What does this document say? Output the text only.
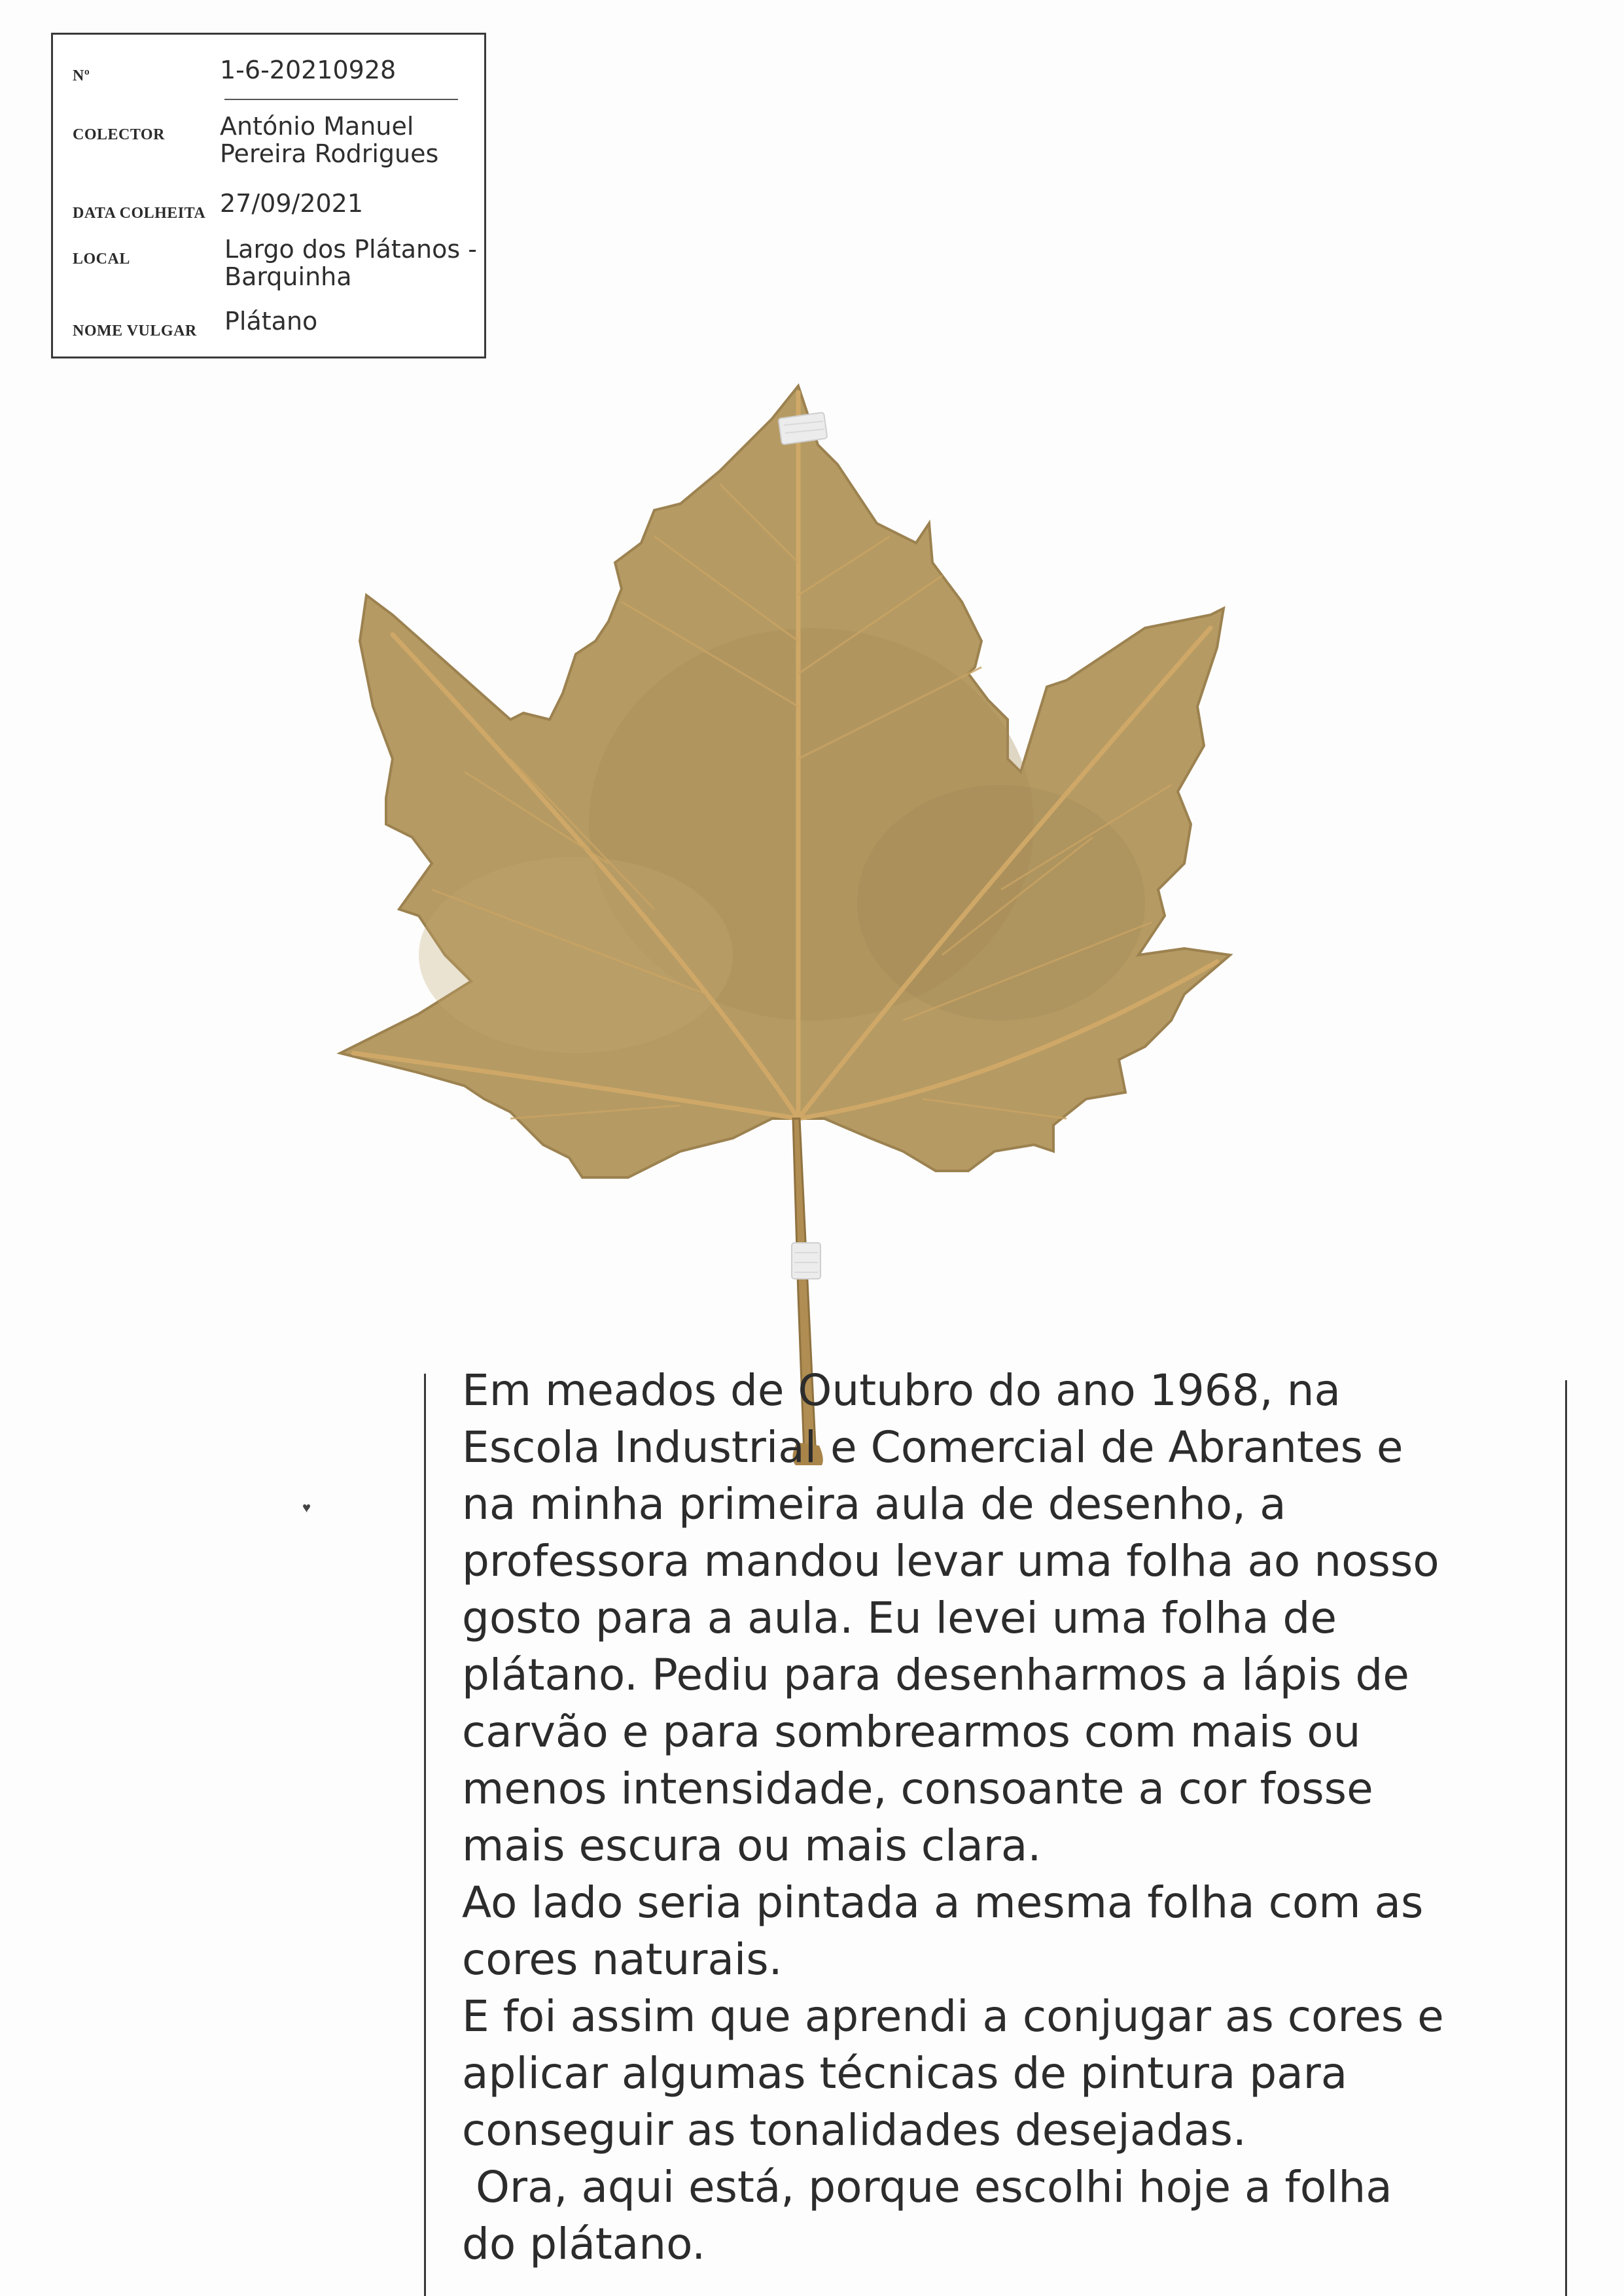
Nº	1-6-20210928
COLECTOR António Manuel
Pereira Rodrigues
DATA COLHEITA 27/09/2021
LOCAL	Largo dos Plátanos -
Barquinha
NOME VULGAR Plátano
♥
Em meados de Outubro do ano 1968, na
Escola Industrial e Comercial de Abrantes e
na minha primeira aula de desenho, a
professora mandou levar uma folha ao nosso
gosto para a aula. Eu levei uma folha de
plátano. Pediu para desenharmos a lápis de
carvão e para sombrearmos com mais ou
menos intensidade, consoante a cor fosse
mais escura ou mais clara.
Ao lado seria pintada a mesma folha com as
cores naturais.
E foi assim que aprendi a conjugar as cores e
aplicar algumas técnicas de pintura para
conseguir as tonalidades desejadas.
Ora, aqui está, porque escolhi hoje a folha
do plátano.
